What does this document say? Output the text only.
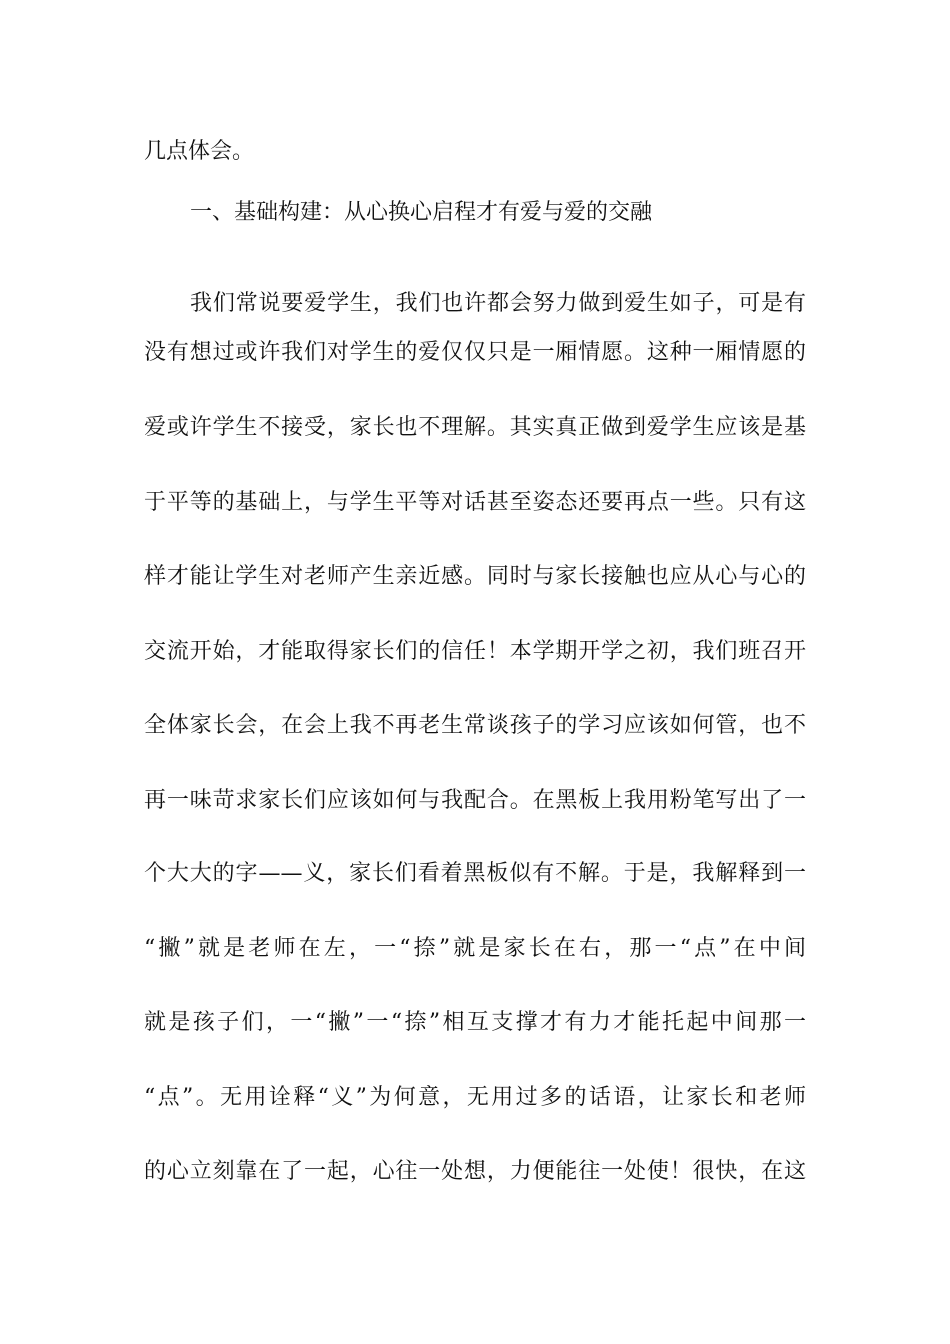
几点体会。
一、基础构建：从心换心启程才有爱与爱的交融
我们常说要爱学生，我们也许都会努力做到爱生如子，可是有
没有想过或许我们对学生的爱仅仅只是一厢情愿。这种一厢情愿的
爱或许学生不接受，家长也不理解。其实真正做到爱学生应该是基
于平等的基础上，与学生平等对话甚至姿态还要再点一些。只有这
样才能让学生对老师产生亲近感。同时与家长接触也应从心与心的
交流开始，才能取得家长们的信任！本学期开学之初，我们班召开
全体家长会，在会上我不再老生常谈孩子的学习应该如何管，也不
再一味苛求家长们应该如何与我配合。在黑板上我用粉笔写出了一
个大大的字——义，家长们看着黑板似有不解。于是，我解释到一
“撇”就是老师在左，一“捺”就是家长在右，那一“点”在中间
就是孩子们，一“撇”一“捺”相互支撑才有力才能托起中间那一
“点”。无用诠释“义”为何意，无用过多的话语，让家长和老师
的心立刻靠在了一起，心往一处想，力便能往一处使！很快，在这
